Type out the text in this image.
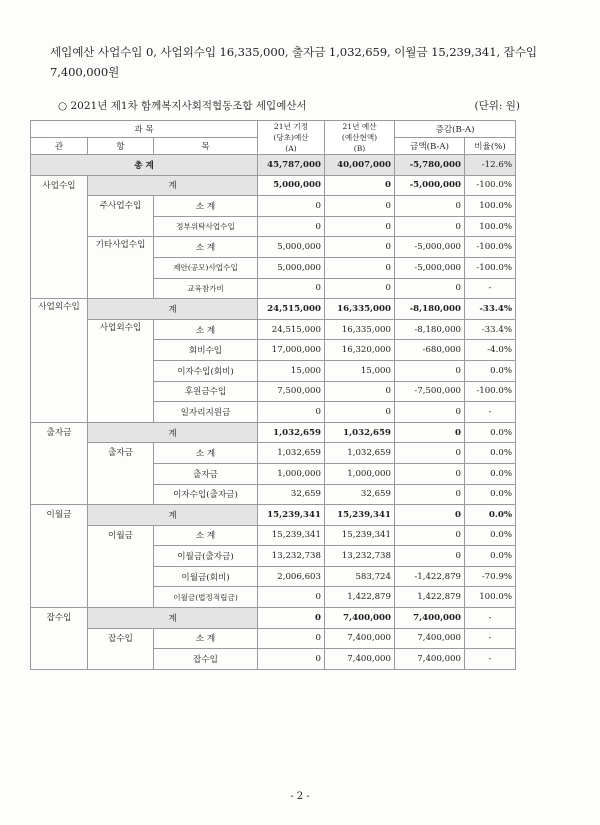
세입예산 사업수입 0, 사업외수입 16,335,000, 출자금 1,032,659, 이월금 15,239,341, 잡수입
7,400,000원
○ 2021년 제1차 함께복지사회적협동조합 세입예산서	(단위: 원)
과 목			21년 기정
(당초)예산
(A)	21년 예산
(예산현액)
(B)	증감(B-A)	
관	항	목			금액(B-A)	비율(%)
총 계			45,787,000	40,007,000	-5,780,000	-12.6%
사업수입	계		5,000,000	0	-5,000,000	-100.0%
	주사업수입	소 계	0	0	0	100.0%
		정부위탁사업수입	0	0	0	100.0%
	기타사업수입	소 계	5,000,000	0	-5,000,000	-100.0%
		제안(공모)사업수입	5,000,000	0	-5,000,000	-100.0%
		교육참가비	0	0	0	-
사업외수입	계		24,515,000	16,335,000	-8,180,000	-33.4%
	사업외수입	소 계	24,515,000	16,335,000	-8,180,000	-33.4%
		회비수입	17,000,000	16,320,000	-680,000	-4.0%
		이자수입(회비)	15,000	15,000	0	0.0%
		후원금수입	7,500,000	0	-7,500,000	-100.0%
		일자리지원금	0	0	0	-
출자금	계		1,032,659	1,032,659	0	0.0%
	출자금	소 계	1,032,659	1,032,659	0	0.0%
		출자금	1,000,000	1,000,000	0	0.0%
		이자수입(출자금)	32,659	32,659	0	0.0%
이월금	계		15,239,341	15,239,341	0	0.0%
	이월금	소 계	15,239,341	15,239,341	0	0.0%
		이월금(출자금)	13,232,738	13,232,738	0	0.0%
		이월금(회비)	2,006,603	583,724	-1,422,879	-70.9%
		이월금(법정적립금)	0	1,422,879	1,422,879	100.0%
잡수입	계		0	7,400,000	7,400,000	-
	잡수입	소 계	0	7,400,000	7,400,000	-
		잡수입	0	7,400,000	7,400,000	-
- 2 -
